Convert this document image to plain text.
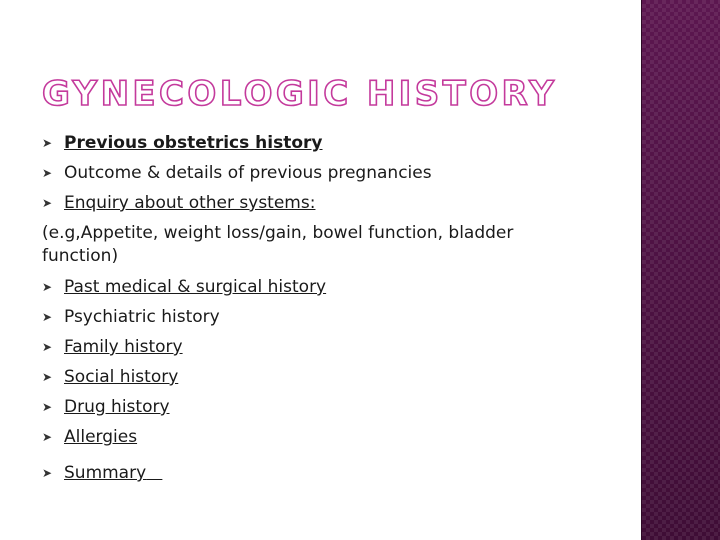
GYNECOLOGIC HISTORY
➤ Previous obstetrics history
➤ Outcome & details of previous pregnancies
➤ Enquiry about other systems:
(e.g,Appetite, weight loss/gain, bowel function, bladder
function)
➤ Past medical & surgical history
➤ Psychiatric history
➤ Family history
➤ Social history
➤ Drug history
➤ Allergies
➤ Summary
